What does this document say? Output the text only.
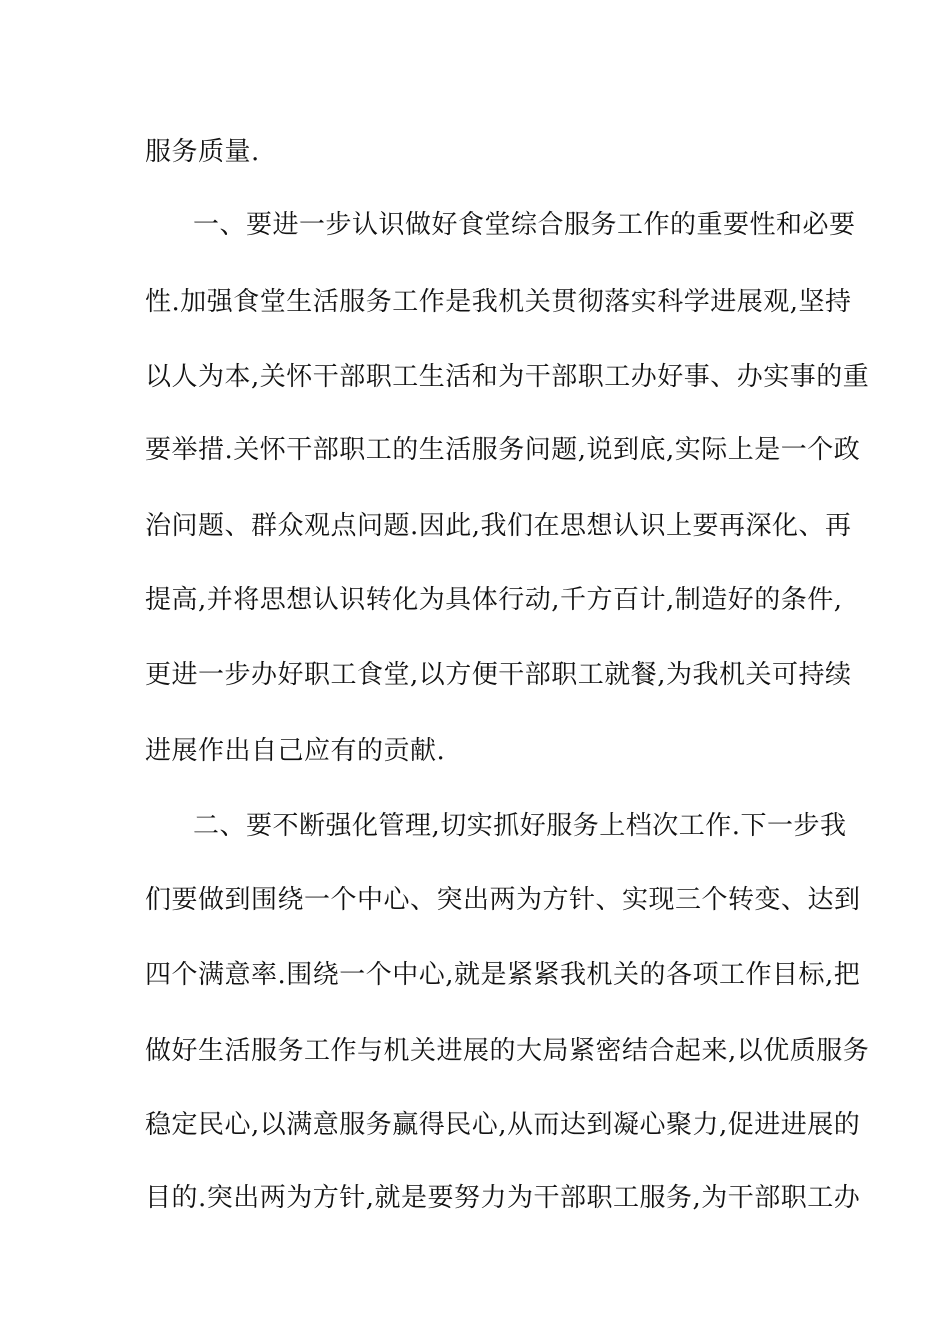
服务质量.
一、要进一步认识做好食堂综合服务工作的重要性和必要
性.加强食堂生活服务工作是我机关贯彻落实科学进展观,坚持
以人为本,关怀干部职工生活和为干部职工办好事、办实事的重
要举措.关怀干部职工的生活服务问题,说到底,实际上是一个政
治问题、群众观点问题.因此,我们在思想认识上要再深化、再
提高,并将思想认识转化为具体行动,千方百计,制造好的条件,
更进一步办好职工食堂,以方便干部职工就餐,为我机关可持续
进展作出自己应有的贡献.
二、要不断强化管理,切实抓好服务上档次工作.下一步我
们要做到围绕一个中心、突出两为方针、实现三个转变、达到
四个满意率.围绕一个中心,就是紧紧我机关的各项工作目标,把
做好生活服务工作与机关进展的大局紧密结合起来,以优质服务
稳定民心,以满意服务赢得民心,从而达到凝心聚力,促进进展的
目的.突出两为方针,就是要努力为干部职工服务,为干部职工办
